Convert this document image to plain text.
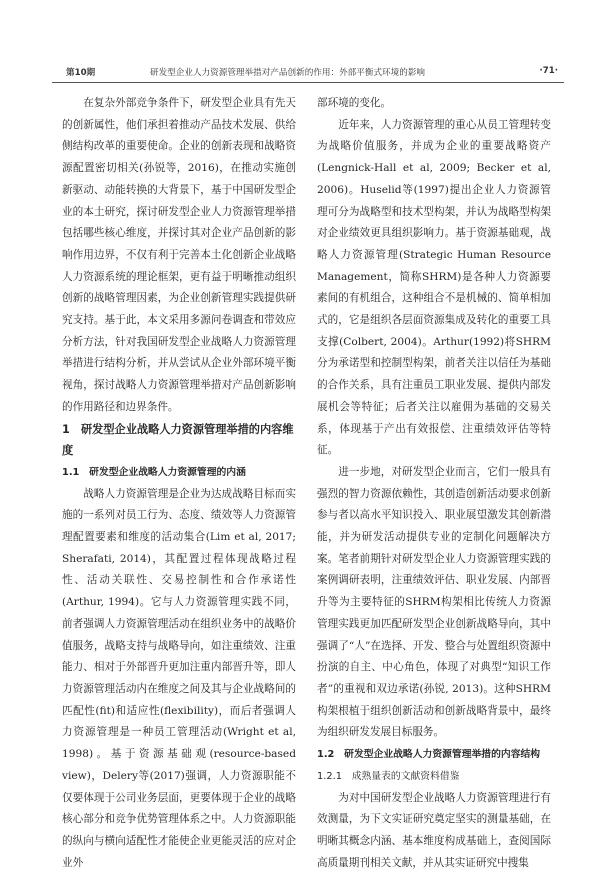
第10期	研发型企业人力资源管理举措对产品创新的作用：外部平衡式环境的影响	·71·

在复杂外部竞争条件下，研发型企业具有先天的创新属性，他们承担着推动产品技术发展、供给侧结构改革的重要使命。企业的创新表现和战略资源配置密切相关(孙锐等，2016)，在推动实施创新驱动、动能转换的大背景下，基于中国研发型企业的本土研究，探讨研发型企业人力资源管理举措包括哪些核心维度，并探讨其对企业产品创新的影响作用边界，不仅有利于完善本土化创新企业战略人力资源系统的理论框架，更有益于明晰推动组织创新的战略管理因素，为企业创新管理实践提供研究支持。基于此，本文采用多源问卷调查和带效应分析方法，针对我国研发型企业战略人力资源管理举措进行结构分析，并从尝试从企业外部环境平衡视角，探讨战略人力资源管理举措对产品创新影响的作用路径和边界条件。

1　研发型企业战略人力资源管理举措的内容维度
1.1　研发型企业战略人力资源管理的内涵

战略人力资源管理是企业为达成战略目标而实施的一系列对员工行为、态度、绩效等人力资源管理配置要素和维度的活动集合(Lim et al, 2017; Sherafati, 2014)，其配置过程体现战略过程性、活动关联性、交易控制性和合作承诺性(Arthur, 1994)。它与人力资源管理实践不同，前者强调人力资源管理活动在组织业务中的战略价值服务，战略支持与战略导向，如注重绩效、注重能力、相对于外部晋升更加注重内部晋升等，即人力资源管理活动内在维度之间及其与企业战略间的匹配性(fit)和适应性(flexibility)，而后者强调人力资源管理是一种员工管理活动(Wright et al, 1998)。基于资源基础观(resource-based view)，Delery等(2017)强调，人力资源职能不仅要体现于公司业务层面，更要体现于企业的战略核心部分和竞争优势管理体系之中。人力资源职能的纵向与横向适配性才能使企业更能灵活的应对企业外

部环境的变化。

近年来，人力资源管理的重心从员工管理转变为战略价值服务，并成为企业的重要战略资产(Lengnick-Hall et al, 2009; Becker et al, 2006)。Huselid等(1997)提出企业人力资源管理可分为战略型和技术型构架，并认为战略型构架对企业绩效更具组织影响力。基于资源基础观，战略人力资源管理(Strategic Human Resource Management，简称SHRM)是各种人力资源要素间的有机组合，这种组合不是机械的、简单相加式的，它是组织各层面资源集成及转化的重要工具支撑(Colbert, 2004)。Arthur(1992)将SHRM分为承诺型和控制型构架，前者关注以信任为基础的合作关系，具有注重员工职业发展、提供内部发展机会等特征；后者关注以雇佣为基础的交易关系，体现基于产出有效报偿、注重绩效评估等特征。

进一步地，对研发型企业而言，它们一般具有强烈的智力资源依赖性，其创造创新活动要求创新参与者以高水平知识投入、职业展望激发其创新潜能，并为研发活动提供专业的定制化问题解决方案。笔者前期针对研发型企业人力资源管理实践的案例调研表明，注重绩效评估、职业发展、内部晋升等为主要特征的SHRM构架相比传统人力资源管理实践更加匹配研发型企业创新战略导向，其中强调了“人”在选择、开发、整合与处置组织资源中扮演的自主、中心角色，体现了对典型“知识工作者”的重视和双边承诺(孙锐, 2013)。这种SHRM构架根植于组织创新活动和创新战略背景中，最终为组织研发发展目标服务。

1.2　研发型企业战略人力资源管理举措的内容结构
1.2.1　成熟量表的文献资料借鉴

为对中国研发型企业战略人力资源管理进行有效测量，为下文实证研究奠定坚实的测量基础，在明晰其概念内涵、基本维度构成基础上，查阅国际高质量期刊相关文献，并从其实证研究中搜集
